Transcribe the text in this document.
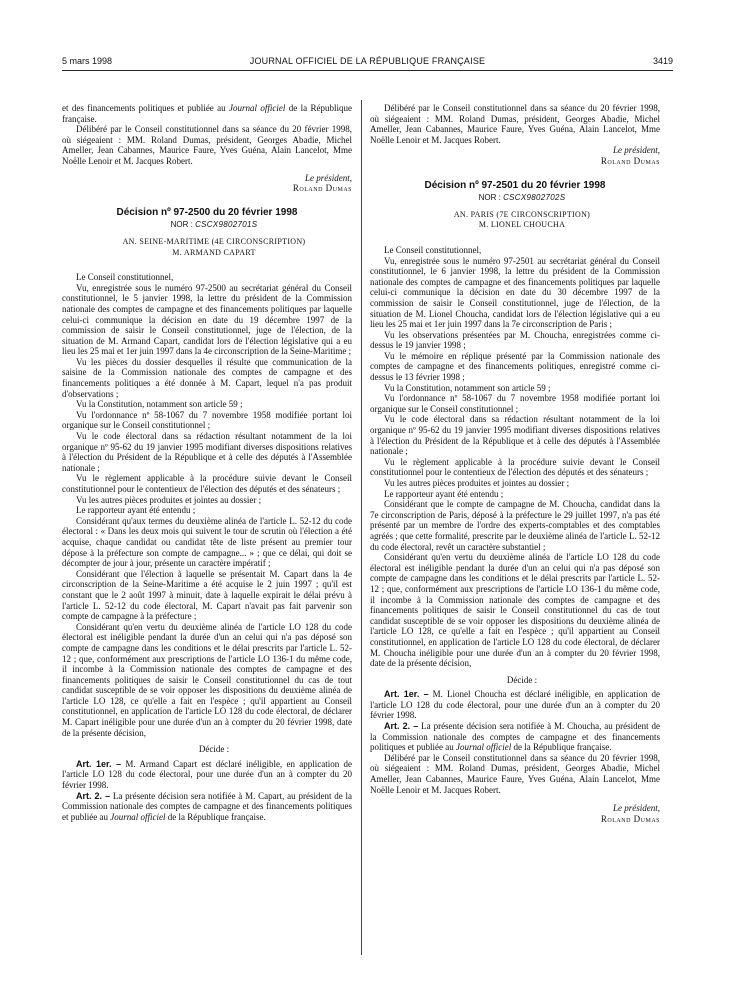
5 mars 1998	JOURNAL OFFICIEL DE LA RÉPUBLIQUE FRANÇAISE	3419

et des financements politiques et publiée au Journal officiel de la République française.

Délibéré par le Conseil constitutionnel dans sa séance du 20 février 1998, où siégeaient : MM. Roland Dumas, président, Georges Abadie, Michel Ameller, Jean Cabannes, Maurice Faure, Yves Guéna, Alain Lancelot, Mme Noëlle Lenoir et M. Jacques Robert.

Le président,

Roland Dumas

Décision nº 97-2500 du 20 février 1998

NOR : CSCX9802701S

AN. SEINE-MARITIME (4E CIRCONSCRIPTION)

M. ARMAND CAPART

Le Conseil constitutionnel,

Vu, enregistrée sous le numéro 97-2500 au secrétariat général du Conseil constitutionnel, le 5 janvier 1998, la lettre du président de la Commission nationale des comptes de campagne et des financements politiques par laquelle celui-ci communique la décision en date du 19 décembre 1997 de la commission de saisir le Conseil constitutionnel, juge de l'élection, de la situation de M. Armand Capart, candidat lors de l'élection législative qui a eu lieu les 25 mai et 1er juin 1997 dans la 4e circonscription de la Seine-Maritime ;

Vu les pièces du dossier desquelles il résulte que communication de la saisine de la Commission nationale des comptes de campagne et des financements politiques a été donnée à M. Capart, lequel n'a pas produit d'observations ;

Vu la Constitution, notamment son article 59 ;

Vu l'ordonnance nº 58-1067 du 7 novembre 1958 modifiée portant loi organique sur le Conseil constitutionnel ;

Vu le code électoral dans sa rédaction résultant notamment de la loi organique nº 95-62 du 19 janvier 1995 modifiant diverses dispositions relatives à l'élection du Président de la République et à celle des députés à l'Assemblée nationale ;

Vu le règlement applicable à la procédure suivie devant le Conseil constitutionnel pour le contentieux de l'élection des députés et des sénateurs ;

Vu les autres pièces produites et jointes au dossier ;

Le rapporteur ayant été entendu ;

Considérant qu'aux termes du deuxième alinéa de l'article L. 52-12 du code électoral : « Dans les deux mois qui suivent le tour de scrutin où l'élection a été acquise, chaque candidat ou candidat tête de liste présent au premier tour dépose à la préfecture son compte de campagne... » ; que ce délai, qui doit se décompter de jour à jour, présente un caractère impératif ;

Considérant que l'élection à laquelle se présentait M. Capart dans la 4e circonscription de la Seine-Maritime a été acquise le 2 juin 1997 ; qu'il est constant que le 2 août 1997 à minuit, date à laquelle expirait le délai prévu à l'article L. 52-12 du code électoral, M. Capart n'avait pas fait parvenir son compte de campagne à la préfecture ;

Considérant qu'en vertu du deuxième alinéa de l'article LO 128 du code électoral est inéligible pendant la durée d'un an celui qui n'a pas déposé son compte de campagne dans les conditions et le délai prescrits par l'article L. 52-12 ; que, conformément aux prescriptions de l'article LO 136-1 du même code, il incombe à la Commission nationale des comptes de campagne et des financements politiques de saisir le Conseil constitutionnel du cas de tout candidat susceptible de se voir opposer les dispositions du deuxième alinéa de l'article LO 128, ce qu'elle a fait en l'espèce ; qu'il appartient au Conseil constitutionnel, en application de l'article LO 128 du code électoral, de déclarer M. Capart inéligible pour une durée d'un an à compter du 20 février 1998, date de la présente décision,

Décide :

Art. 1er. – M. Armand Capart est déclaré inéligible, en application de l'article LO 128 du code électoral, pour une durée d'un an à compter du 20 février 1998.

Art. 2. – La présente décision sera notifiée à M. Capart, au président de la Commission nationale des comptes de campagne et des financements politiques et publiée au Journal officiel de la République française.

Délibéré par le Conseil constitutionnel dans sa séance du 20 février 1998, où siégeaient : MM. Roland Dumas, président, Georges Abadie, Michel Ameller, Jean Cabannes, Maurice Faure, Yves Guéna, Alain Lancelot, Mme Noëlle Lenoir et M. Jacques Robert.

Le président,

Roland Dumas

Décision nº 97-2501 du 20 février 1998

NOR : CSCX9802702S

AN. PARIS (7E CIRCONSCRIPTION)

M. LIONEL CHOUCHA

Le Conseil constitutionnel,

Vu, enregistrée sous le numéro 97-2501 au secrétariat général du Conseil constitutionnel, le 6 janvier 1998, la lettre du président de la Commission nationale des comptes de campagne et des financements politiques par laquelle celui-ci communique la décision en date du 30 décembre 1997 de la commission de saisir le Conseil constitutionnel, juge de l'élection, de la situation de M. Lionel Choucha, candidat lors de l'élection législative qui a eu lieu les 25 mai et 1er juin 1997 dans la 7e circonscription de Paris ;

Vu les observations présentées par M. Choucha, enregistrées comme ci-dessus le 19 janvier 1998 ;

Vu le mémoire en réplique présenté par la Commission nationale des comptes de campagne et des financements politiques, enregistré comme ci-dessus le 13 février 1998 ;

Vu la Constitution, notamment son article 59 ;

Vu l'ordonnance nº 58-1067 du 7 novembre 1958 modifiée portant loi organique sur le Conseil constitutionnel ;

Vu le code électoral dans sa rédaction résultant notamment de la loi organique nº 95-62 du 19 janvier 1995 modifiant diverses dispositions relatives à l'élection du Président de la République et à celle des députés à l'Assemblée nationale ;

Vu le règlement applicable à la procédure suivie devant le Conseil constitutionnel pour le contentieux de l'élection des députés et des sénateurs ;

Vu les autres pièces produites et jointes au dossier ;

Le rapporteur ayant été entendu ;

Considérant que le compte de campagne de M. Choucha, candidat dans la 7e circonscription de Paris, déposé à la préfecture le 29 juillet 1997, n'a pas été présenté par un membre de l'ordre des experts-comptables et des comptables agréés ; que cette formalité, prescrite par le deuxième alinéa de l'article L. 52-12 du code électoral, revêt un caractère substantiel ;

Considérant qu'en vertu du deuxième alinéa de l'article LO 128 du code électoral est inéligible pendant la durée d'un an celui qui n'a pas déposé son compte de campagne dans les conditions et le délai prescrits par l'article L. 52-12 ; que, conformément aux prescriptions de l'article LO 136-1 du même code, il incombe à la Commission nationale des comptes de campagne et des financements politiques de saisir le Conseil constitutionnel du cas de tout candidat susceptible de se voir opposer les dispositions du deuxième alinéa de l'article LO 128, ce qu'elle a fait en l'espèce ; qu'il appartient au Conseil constitutionnel, en application de l'article LO 128 du code électoral, de déclarer M. Choucha inéligible pour une durée d'un an à compter du 20 février 1998, date de la présente décision,

Décide :

Art. 1er. – M. Lionel Choucha est déclaré inéligible, en application de l'article LO 128 du code électoral, pour une durée d'un an à compter du 20 février 1998.

Art. 2. – La présente décision sera notifiée à M. Choucha, au président de la Commission nationale des comptes de campagne et des financements politiques et publiée au Journal officiel de la République française.

Délibéré par le Conseil constitutionnel dans sa séance du 20 février 1998, où siégeaient : MM. Roland Dumas, président, Georges Abadie, Michel Ameller, Jean Cabannes, Maurice Faure, Yves Guéna, Alain Lancelot, Mme Noëlle Lenoir et M. Jacques Robert.

Le président,

Roland Dumas
